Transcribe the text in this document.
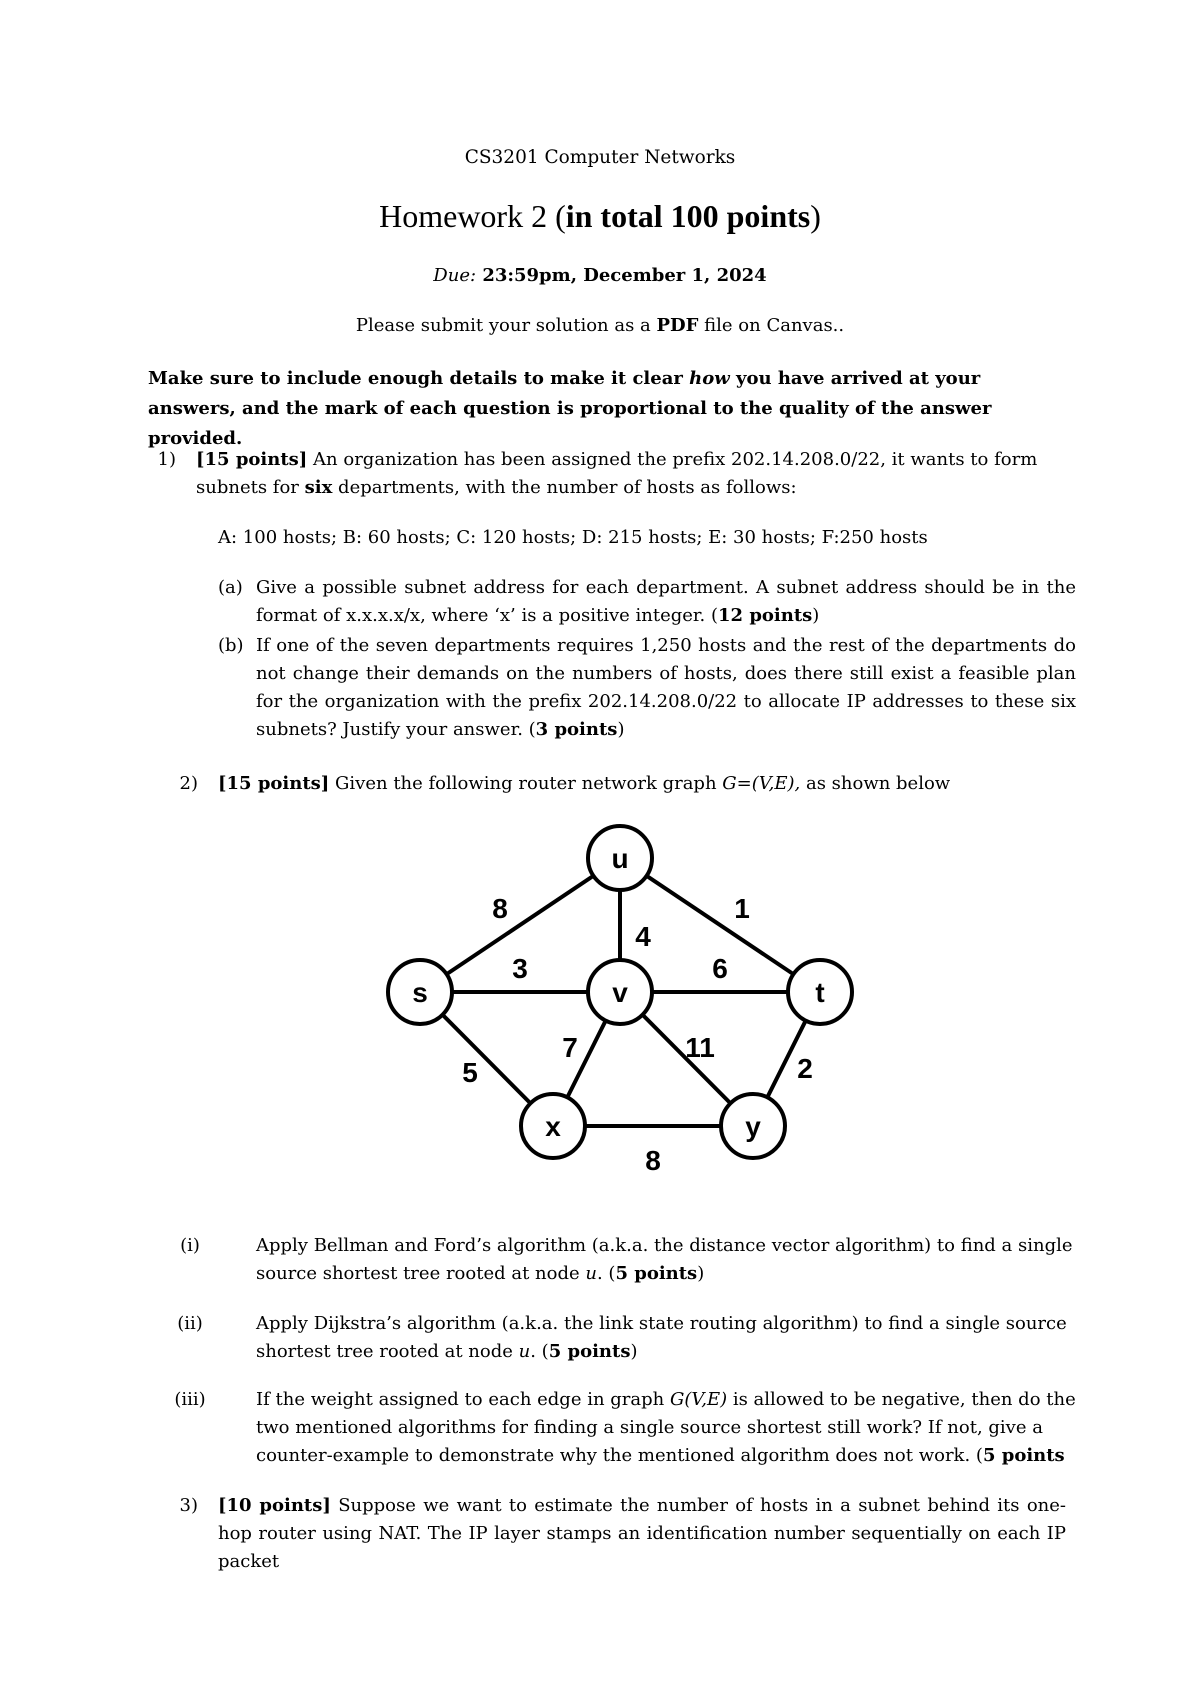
CS3201 Computer Networks
Homework 2 (in total 100 points)
Due: 23:59pm, December 1, 2024
Please submit your solution as a PDF file on Canvas..
Make sure to include enough details to make it clear how you have arrived at your answers, and the mark of each question is proportional to the quality of the answer provided.
1) [15 points] An organization has been assigned the prefix 202.14.208.0/22, it wants to form subnets for six departments, with the number of hosts as follows:
A: 100 hosts; B: 60 hosts; C: 120 hosts; D: 215 hosts; E: 30 hosts; F:250 hosts
(a) Give a possible subnet address for each department. A subnet address should be in the format of x.x.x.x/x, where ‘x’ is a positive integer. (12 points)
(b) If one of the seven departments requires 1,250 hosts and the rest of the departments do not change their demands on the numbers of hosts, does there still exist a feasible plan for the organization with the prefix 202.14.208.0/22 to allocate IP addresses to these six subnets? Justify your answer. (3 points)
2) [15 points] Given the following router network graph G=(V,E), as shown below
8	1
4
3	6
5
7	11
2
8
u
s	v	t
x	y
(i)	Apply Bellman and Ford’s algorithm (a.k.a. the distance vector algorithm) to find a single source shortest tree rooted at node u. (5 points)
(ii)	Apply Dijkstra’s algorithm (a.k.a. the link state routing algorithm) to find a single source shortest tree rooted at node u. (5 points)
(iii)	If the weight assigned to each edge in graph G(V,E) is allowed to be negative, then do the two mentioned algorithms for finding a single source shortest still work? If not, give a counter-example to demonstrate why the mentioned algorithm does not work. (5 points
3) [10 points] Suppose we want to estimate the number of hosts in a subnet behind its one-hop router using NAT. The IP layer stamps an identification number sequentially on each IP packet
